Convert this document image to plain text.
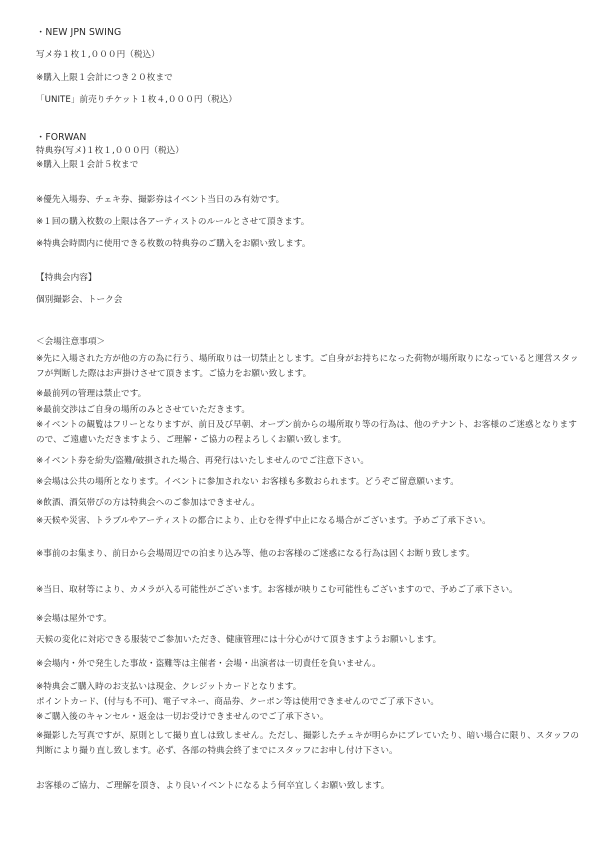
・NEW JPN SWING
写メ券１枚１,０００円（税込）
※購入上限１会計につき２０枚まで
「UNITE」前売りチケット１枚４,０００円（税込）
・FORWAN
特典券(写メ)１枚１,０００円（税込）
※購入上限１会計５枚まで
※優先入場券、チェキ券、撮影券はイベント当日のみ有効です。
※１回の購入枚数の上限は各アーティストのルールとさせて頂きます。
※特典会時間内に使用できる枚数の特典券のご購入をお願い致します。
【特典会内容】
個別撮影会、トーク会
＜会場注意事項＞
※先に入場された方が他の方の為に行う、場所取りは一切禁止とします。ご自身がお持ちになった荷物が場所取りになっていると運営スタッフが判断した際はお声掛けさせて頂きます。ご協力をお願い致します。
※最前列の管理は禁止です。
※最前交渉はご自身の場所のみとさせていただきます。
※イベントの観覧はフリーとなりますが、前日及び早朝、オープン前からの場所取り等の行為は、他のテナント、お客様のご迷惑となりますので、ご遠慮いただきますよう、ご理解・ご協力の程よろしくお願い致します。
※イベント券を紛失/盗難/破損された場合、再発行はいたしませんのでご注意下さい。
※会場は公共の場所となります。イベントに参加されない お客様も多数おられます。どうぞご留意願います。
※飲酒、酒気帯びの方は特典会へのご参加はできません。
※天候や災害、トラブルやアーティストの都合により、止むを得ず中止になる場合がございます。予めご了承下さい。
※事前のお集まり、前日から会場周辺での泊まり込み等、他のお客様のご迷惑になる行為は固くお断り致します。
※当日、取材等により、カメラが入る可能性がございます。お客様が映りこむ可能性もございますので、予めご了承下さい。
※会場は屋外です。
天候の変化に対応できる服装でご参加いただき、健康管理には十分心がけて頂きますようお願いします。
※会場内・外で発生した事故・盗難等は主催者・会場・出演者は一切責任を負いません。
※特典会ご購入時のお支払いは現金、クレジットカードとなります。
ポイントカード、(付与も不可)、電子マネー、商品券、クーポン等は使用できませんのでご了承下さい。
※ご購入後のキャンセル・返金は一切お受けできませんのでご了承下さい。
※撮影した写真ですが、原則として撮り直しは致しません。ただし、撮影したチェキが明らかにブレていたり、暗い場合に限り、スタッフの判断により撮り直し致します。必ず、各部の特典会終了までにスタッフにお申し付け下さい。
お客様のご協力、ご理解を頂き、より良いイベントになるよう何卒宜しくお願い致します。
